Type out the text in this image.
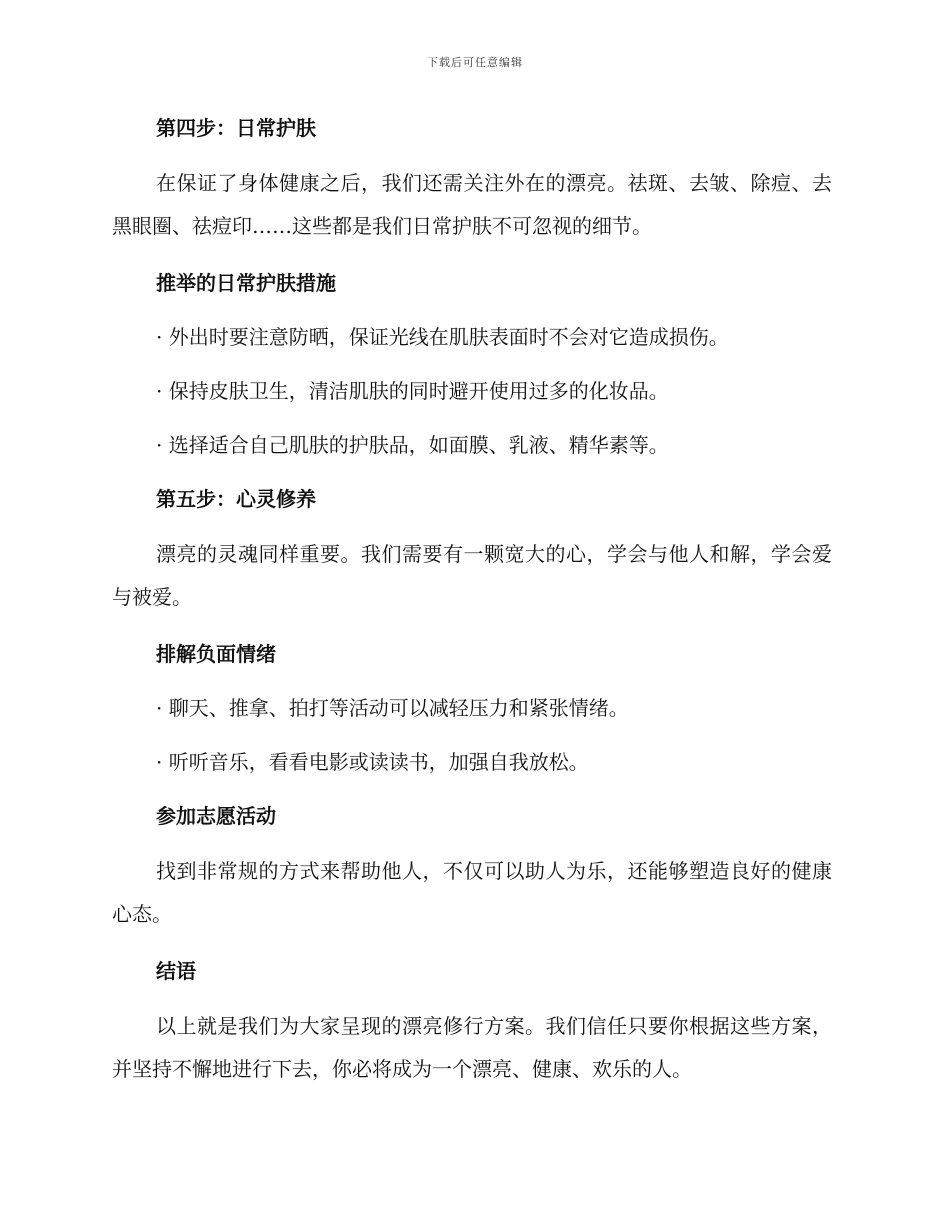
下载后可任意编辑
第四步：日常护肤

在保证了身体健康之后，我们还需关注外在的漂亮。祛斑、去皱、除痘、去黑眼圈、祛痘印……这些都是我们日常护肤不可忽视的细节。

推举的日常护肤措施

· 外出时要注意防晒，保证光线在肌肤表面时不会对它造成损伤。

· 保持皮肤卫生，清洁肌肤的同时避开使用过多的化妆品。

· 选择适合自己肌肤的护肤品，如面膜、乳液、精华素等。

第五步：心灵修养

漂亮的灵魂同样重要。我们需要有一颗宽大的心，学会与他人和解，学会爱与被爱。

排解负面情绪

· 聊天、推拿、拍打等活动可以减轻压力和紧张情绪。

· 听听音乐，看看电影或读读书，加强自我放松。

参加志愿活动

找到非常规的方式来帮助他人，不仅可以助人为乐，还能够塑造良好的健康心态。

结语

以上就是我们为大家呈现的漂亮修行方案。我们信任只要你根据这些方案，并坚持不懈地进行下去，你必将成为一个漂亮、健康、欢乐的人。
